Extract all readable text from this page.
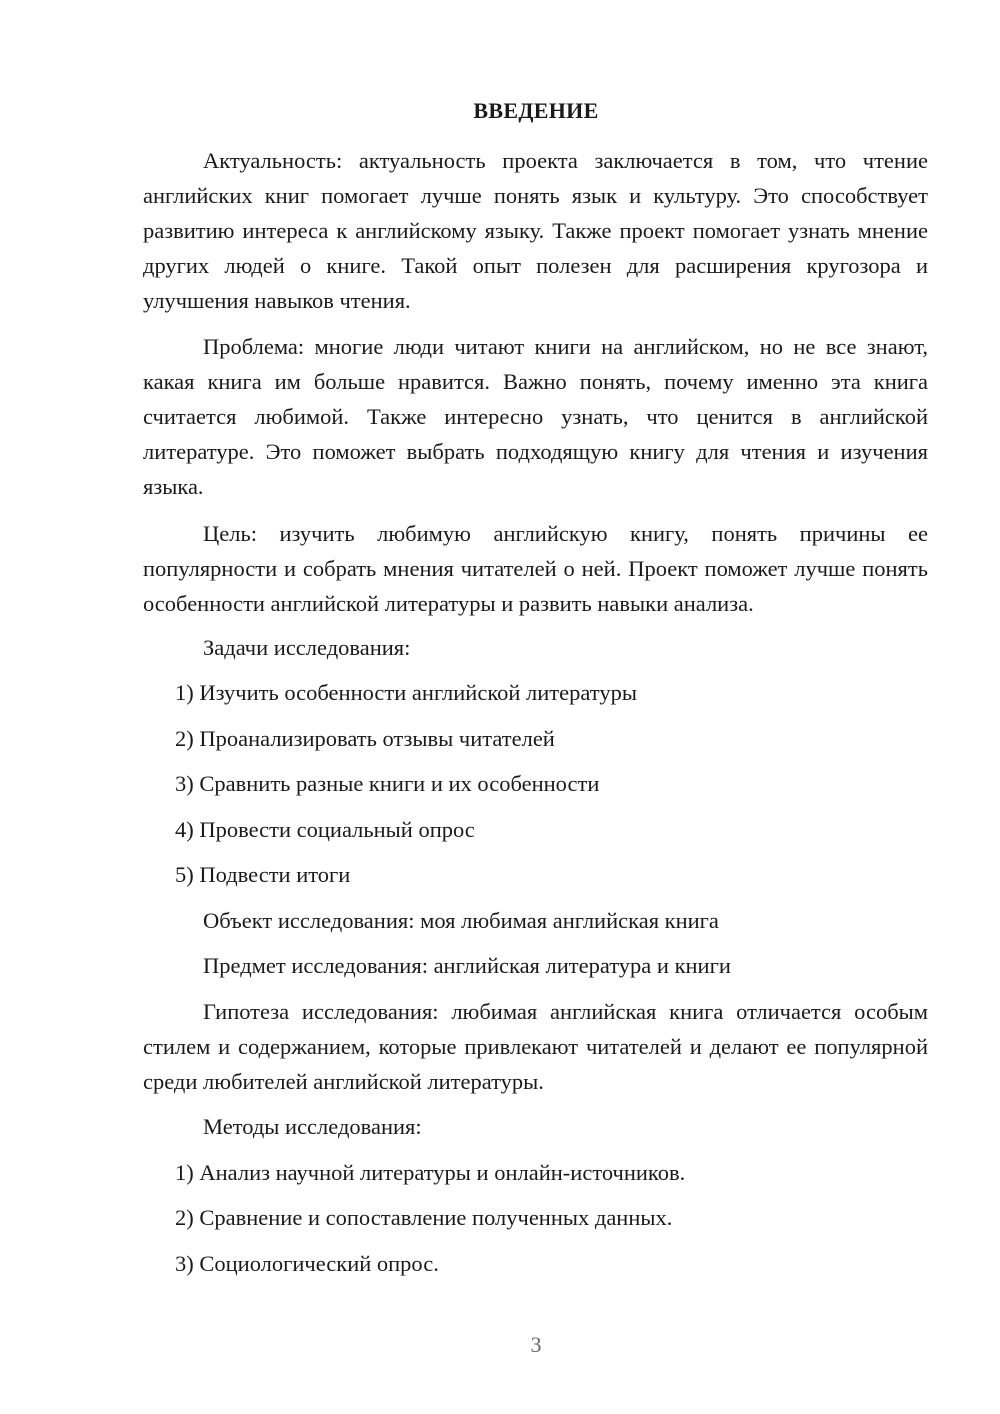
ВВЕДЕНИЕ

Актуальность: актуальность проекта заключается в том, что чтение английских книг помогает лучше понять язык и культуру. Это способствует развитию интереса к английскому языку. Также проект помогает узнать мнение других людей о книге. Такой опыт полезен для расширения кругозора и улучшения навыков чтения.

Проблема: многие люди читают книги на английском, но не все знают, какая книга им больше нравится. Важно понять, почему именно эта книга считается любимой. Также интересно узнать, что ценится в английской литературе. Это поможет выбрать подходящую книгу для чтения и изучения языка.

Цель: изучить любимую английскую книгу, понять причины ее популярности и собрать мнения читателей о ней. Проект поможет лучше понять особенности английской литературы и развить навыки анализа.

Задачи исследования:

1) Изучить особенности английской литературы

2) Проанализировать отзывы читателей

3) Сравнить разные книги и их особенности

4) Провести социальный опрос

5) Подвести итоги

Объект исследования: моя любимая английская книга

Предмет исследования: английская литература и книги

Гипотеза исследования: любимая английская книга отличается особым стилем и содержанием, которые привлекают читателей и делают ее популярной среди любителей английской литературы.

Методы исследования:

1) Анализ научной литературы и онлайн-источников.

2) Сравнение и сопоставление полученных данных.

3) Социологический опрос.

3
